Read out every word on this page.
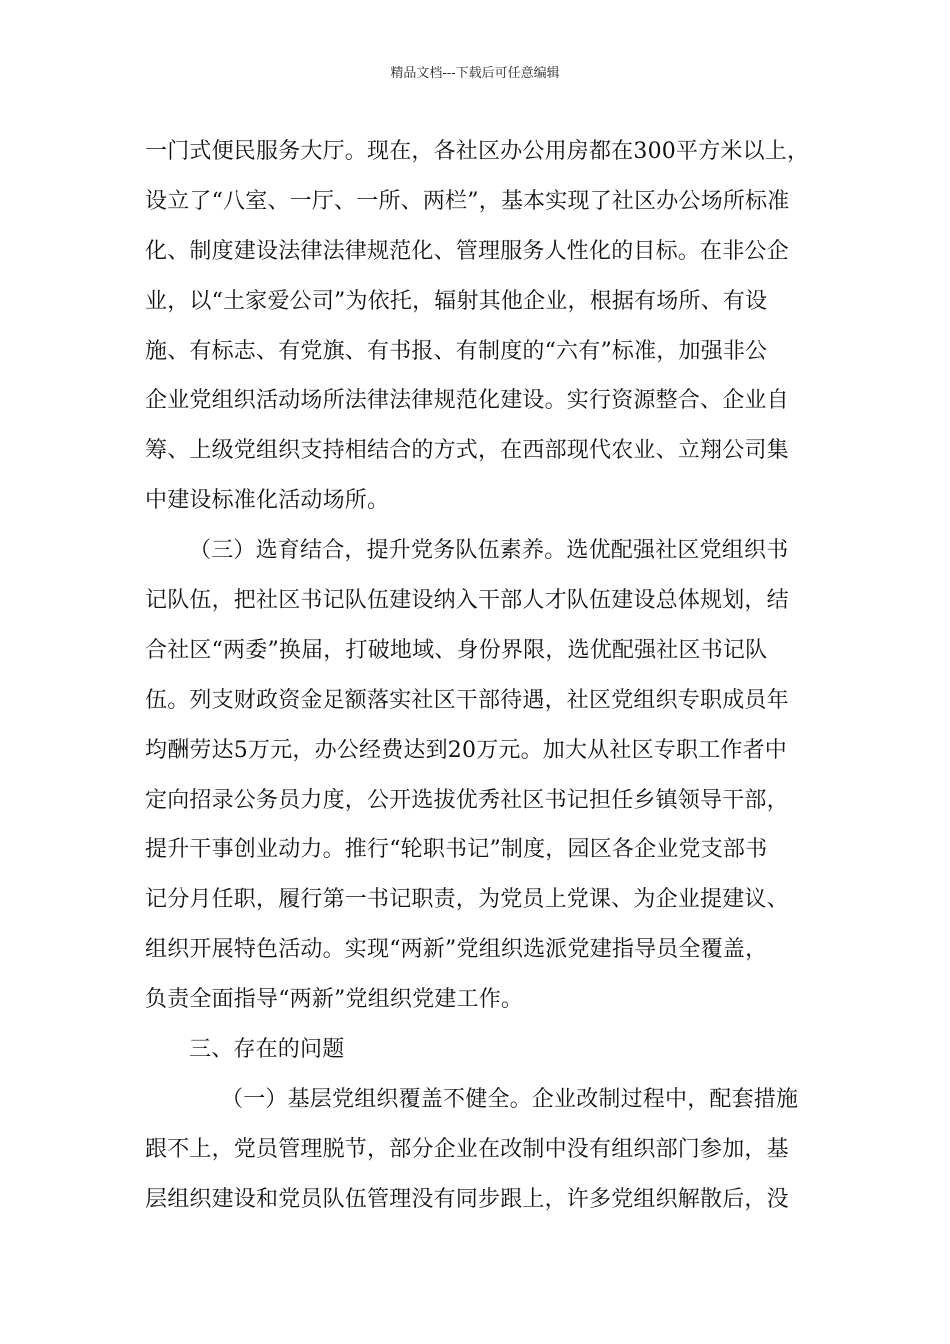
精品文档---下载后可任意编辑
一门式便民服务大厅。现在，各社区办公用房都在300平方米以上，
设立了“八室、一厅、一所、两栏”，基本实现了社区办公场所标准
化、制度建设法律法律规范化、管理服务人性化的目标。在非公企
业，以“土家爱公司”为依托，辐射其他企业，根据有场所、有设
施、有标志、有党旗、有书报、有制度的“六有”标准，加强非公
企业党组织活动场所法律法律规范化建设。实行资源整合、企业自
筹、上级党组织支持相结合的方式，在西部现代农业、立翔公司集
中建设标准化活动场所。
（三）选育结合，提升党务队伍素养。选优配强社区党组织书
记队伍，把社区书记队伍建设纳入干部人才队伍建设总体规划，结
合社区“两委”换届，打破地域、身份界限，选优配强社区书记队
伍。列支财政资金足额落实社区干部待遇，社区党组织专职成员年
均酬劳达5万元，办公经费达到20万元。加大从社区专职工作者中
定向招录公务员力度，公开选拔优秀社区书记担任乡镇领导干部，
提升干事创业动力。推行“轮职书记”制度，园区各企业党支部书
记分月任职，履行第一书记职责，为党员上党课、为企业提建议、
组织开展特色活动。实现“两新”党组织选派党建指导员全覆盖，
负责全面指导“两新”党组织党建工作。
三、存在的问题
（一）基层党组织覆盖不健全。企业改制过程中，配套措施
跟不上，党员管理脱节，部分企业在改制中没有组织部门参加，基
层组织建设和党员队伍管理没有同步跟上，许多党组织解散后，没
